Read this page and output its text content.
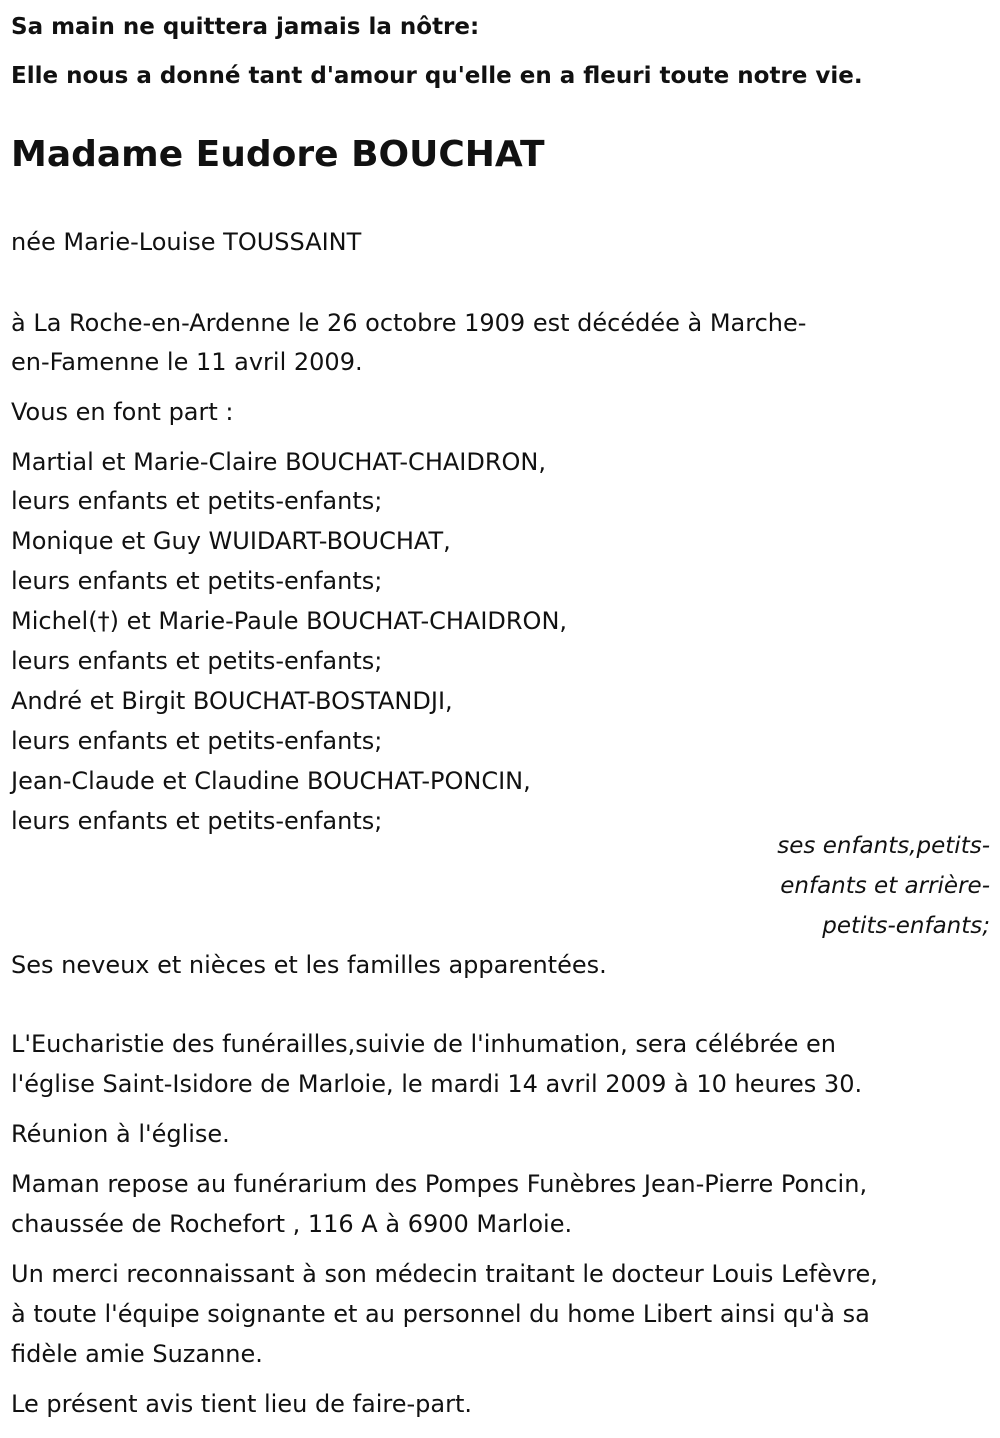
Sa main ne quittera jamais la nôtre:
Elle nous a donné tant d'amour qu'elle en a fleuri toute notre vie.
Madame Eudore BOUCHAT
née Marie-Louise TOUSSAINT
à La Roche-en-Ardenne le 26 octobre 1909 est décédée à Marche-
en-Famenne le 11 avril 2009.
Vous en font part :
Martial et Marie-Claire BOUCHAT-CHAIDRON,
leurs enfants et petits-enfants;
Monique et Guy WUIDART-BOUCHAT,
leurs enfants et petits-enfants;
Michel(†) et Marie-Paule BOUCHAT-CHAIDRON,
leurs enfants et petits-enfants;
André et Birgit BOUCHAT-BOSTANDJI,
leurs enfants et petits-enfants;
Jean-Claude et Claudine BOUCHAT-PONCIN,
leurs enfants et petits-enfants;
ses enfants,petits-
enfants et arrière-
petits-enfants;
Ses neveux et nièces et les familles apparentées.
L'Eucharistie des funérailles,suivie de l'inhumation, sera célébrée en
l'église Saint-Isidore de Marloie, le mardi 14 avril 2009 à 10 heures 30.
Réunion à l'église.
Maman repose au funérarium des Pompes Funèbres Jean-Pierre Poncin,
chaussée de Rochefort , 116 A à 6900 Marloie.
Un merci reconnaissant à son médecin traitant le docteur Louis Lefèvre,
à toute l'équipe soignante et au personnel du home Libert ainsi qu'à sa
fidèle amie Suzanne.
Le présent avis tient lieu de faire-part.
